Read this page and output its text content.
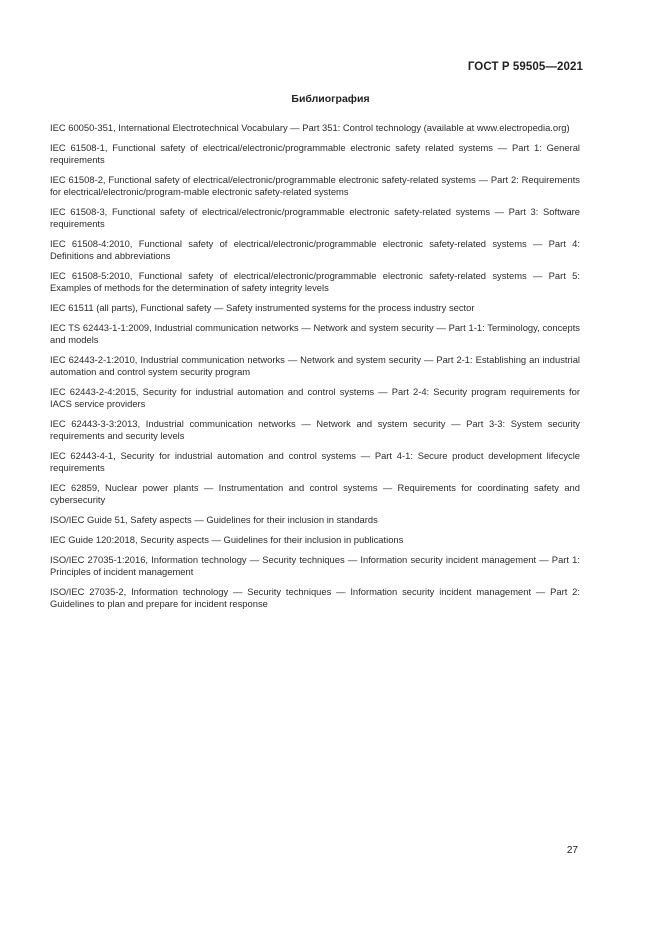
ГОСТ Р 59505—2021
Библиография
IEC 60050-351, International Electrotechnical Vocabulary — Part 351: Control technology (available at www.electropedia.org)
IEC 61508-1, Functional safety of electrical/electronic/programmable electronic safety related systems — Part 1: General requirements
IEC 61508-2, Functional safety of electrical/electronic/programmable electronic safety-related systems — Part 2: Requirements for electrical/electronic/program-mable electronic safety-related systems
IEC 61508-3, Functional safety of electrical/electronic/programmable electronic safety-related systems — Part 3: Software requirements
IEC 61508-4:2010, Functional safety of electrical/electronic/programmable electronic safety-related systems — Part 4: Definitions and abbreviations
IEC 61508-5:2010, Functional safety of electrical/electronic/programmable electronic safety-related systems — Part 5: Examples of methods for the determination of safety integrity levels
IEC 61511 (all parts), Functional safety — Safety instrumented systems for the process industry sector
IEC TS 62443-1-1:2009, Industrial communication networks — Network and system security — Part 1-1: Terminology, concepts and models
IEC 62443-2-1:2010, Industrial communication networks — Network and system security — Part 2-1: Establishing an industrial automation and control system security program
IEC 62443-2-4:2015, Security for industrial automation and control systems — Part 2-4: Security program requirements for IACS service providers
IEC 62443-3-3:2013, Industrial communication networks — Network and system security — Part 3-3: System security requirements and security levels
IEC 62443-4-1, Security for industrial automation and control systems — Part 4-1: Secure product development lifecycle requirements
IEC 62859, Nuclear power plants — Instrumentation and control systems — Requirements for coordinating safety and cybersecurity
ISO/IEC Guide 51, Safety aspects — Guidelines for their inclusion in standards
IEC Guide 120:2018, Security aspects — Guidelines for their inclusion in publications
ISO/IEC 27035-1:2016, Information technology — Security techniques — Information security incident management — Part 1: Principles of incident management
ISO/IEC 27035-2, Information technology — Security techniques — Information security incident management — Part 2: Guidelines to plan and prepare for incident response
27
